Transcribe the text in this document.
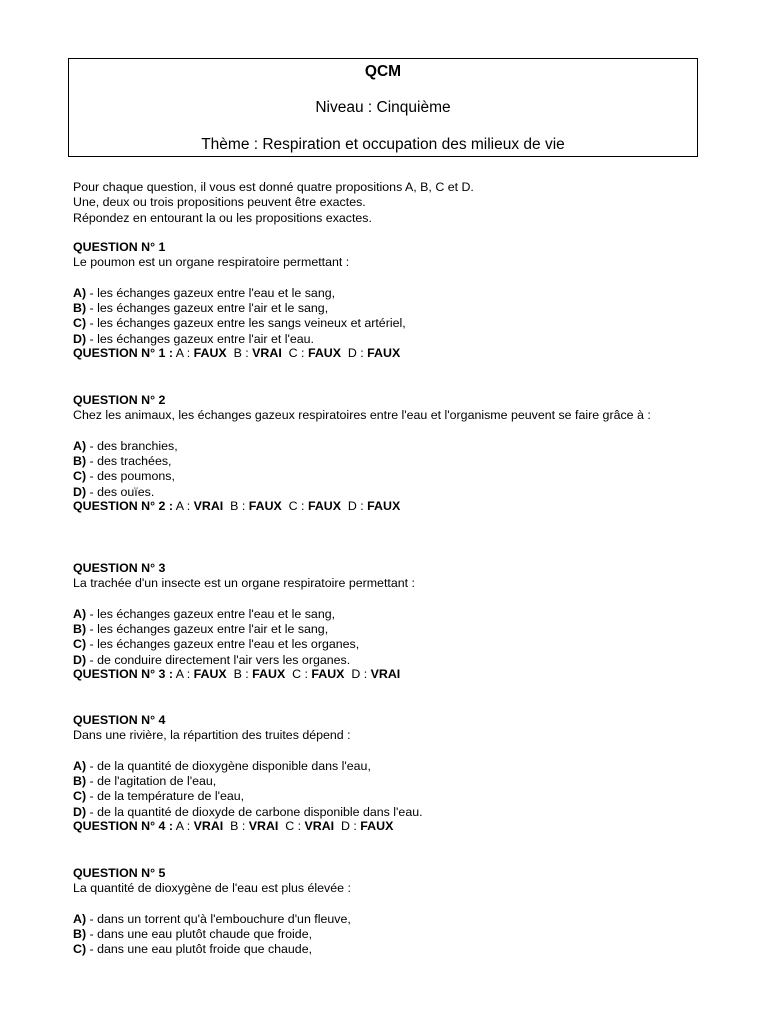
QCM
Niveau : Cinquième
Thème : Respiration et occupation des milieux de vie
Pour chaque question, il vous est donné quatre propositions A, B, C et D.
Une, deux ou trois propositions peuvent être exactes.
Répondez en entourant la ou les propositions exactes.
QUESTION N° 1
Le poumon est un organe respiratoire permettant :
A) - les échanges gazeux entre l'eau et le sang,
B) - les échanges gazeux entre l'air et le sang,
C) - les échanges gazeux entre les sangs veineux et artériel,
D) - les échanges gazeux entre l'air et l'eau.
QUESTION N° 1 : A : FAUX  B : VRAI  C : FAUX  D : FAUX
QUESTION N° 2
Chez les animaux, les échanges gazeux respiratoires entre l'eau et l'organisme peuvent se faire grâce à :
A) - des branchies,
B) - des trachées,
C) - des poumons,
D) - des ouïes.
QUESTION N° 2 : A : VRAI  B : FAUX  C : FAUX  D : FAUX
QUESTION N° 3
La trachée d'un insecte est un organe respiratoire permettant :
A) - les échanges gazeux entre l'eau et le sang,
B) - les échanges gazeux entre l'air et le sang,
C) - les échanges gazeux entre l'eau et les organes,
D) - de conduire directement l'air vers les organes.
QUESTION N° 3 : A : FAUX  B : FAUX  C : FAUX  D : VRAI
QUESTION N° 4
Dans une rivière, la répartition des truites dépend :
A) - de la quantité de dioxygène disponible dans l'eau,
B) - de l'agitation de l'eau,
C) - de la température de l'eau,
D) - de la quantité de dioxyde de carbone disponible dans l'eau.
QUESTION N° 4 : A : VRAI  B : VRAI  C : VRAI  D : FAUX
QUESTION N° 5
La quantité de dioxygène de l'eau est plus élevée :
A) - dans un torrent qu'à l'embouchure d'un fleuve,
B) - dans une eau plutôt chaude que froide,
C) - dans une eau plutôt froide que chaude,
